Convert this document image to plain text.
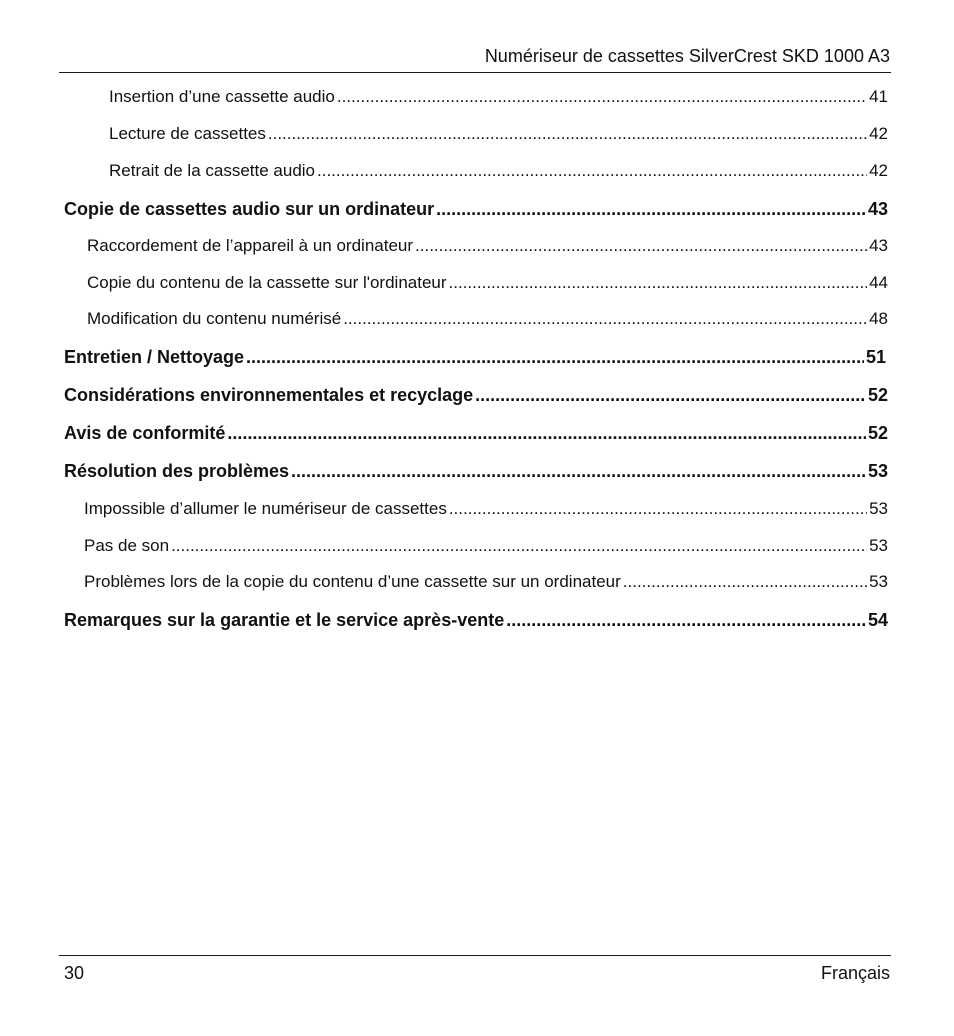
Numériseur de cassettes SilverCrest SKD 1000 A3
Insertion d’une cassette audio .....	41
Lecture de cassettes .....	42
Retrait de la cassette audio .....	42
Copie de cassettes audio sur un ordinateur .....	43
Raccordement de l’appareil à un ordinateur .....	43
Copie du contenu de la cassette sur l'ordinateur .....	44
Modification du contenu numérisé .....	48
Entretien / Nettoyage .....	51
Considérations environnementales et recyclage .....	52
Avis de conformité .....	52
Résolution des problèmes .....	53
Impossible d’allumer le numériseur de cassettes .....	53
Pas de son .....	53
Problèmes lors de la copie du contenu d’une cassette sur un ordinateur .....	53
Remarques sur la garantie et le service après-vente .....	54
30	Français
